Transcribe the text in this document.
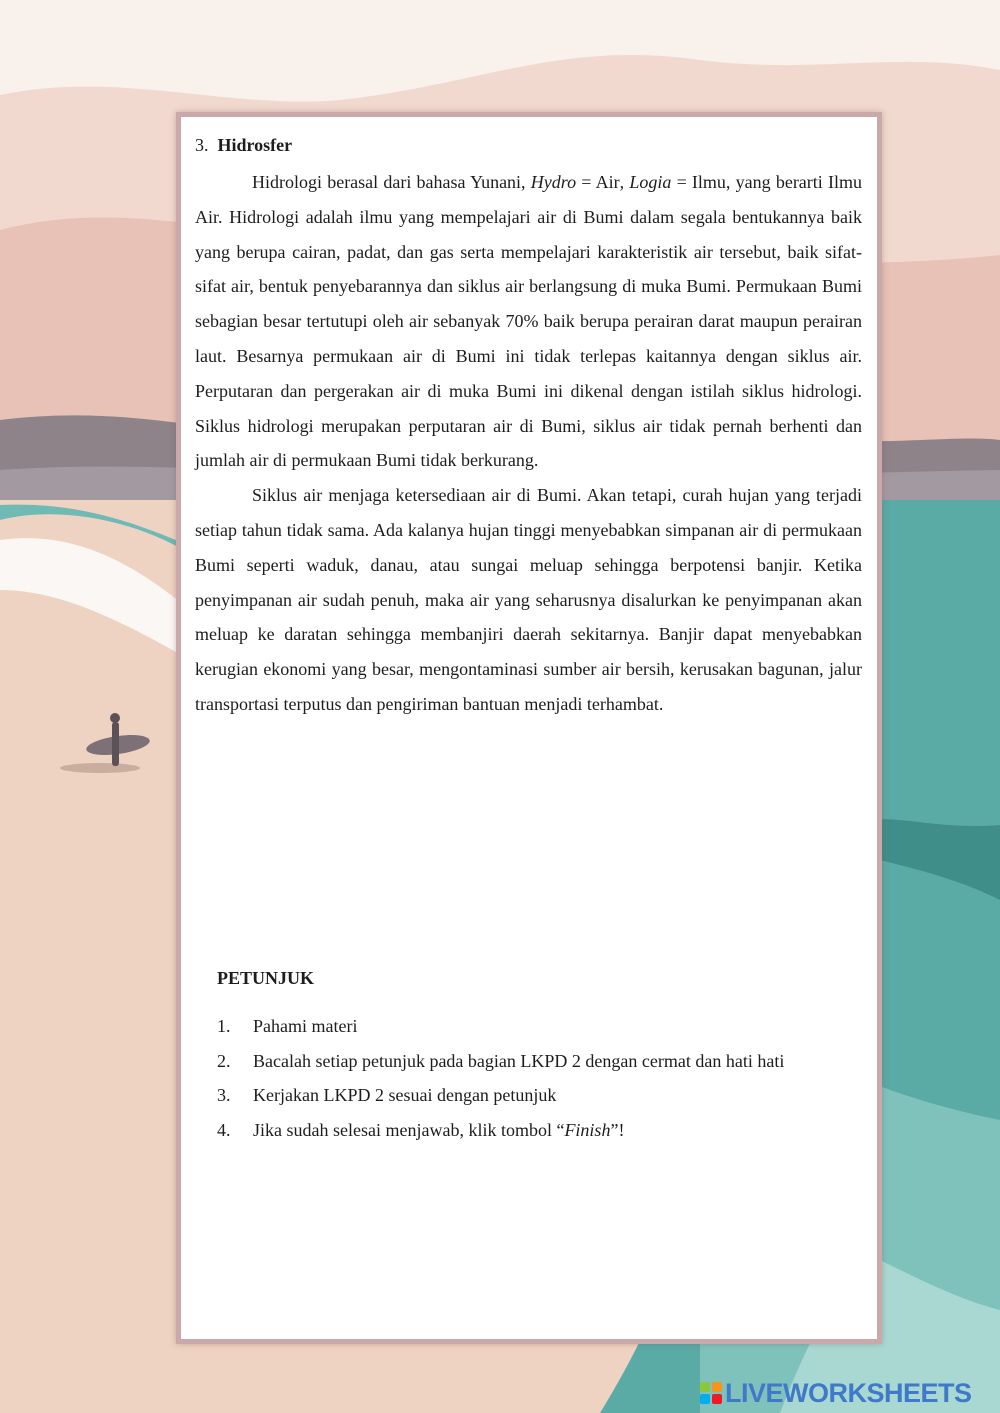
3. Hidrosfer

Hidrologi berasal dari bahasa Yunani, Hydro = Air, Logia = Ilmu, yang berarti Ilmu Air. Hidrologi adalah ilmu yang mempelajari air di Bumi dalam segala bentukannya baik yang berupa cairan, padat, dan gas serta mempelajari karakteristik air tersebut, baik sifat-sifat air, bentuk penyebarannya dan siklus air berlangsung di muka Bumi. Permukaan Bumi sebagian besar tertutupi oleh air sebanyak 70% baik berupa perairan darat maupun perairan laut. Besarnya permukaan air di Bumi ini tidak terlepas kaitannya dengan siklus air. Perputaran dan pergerakan air di muka Bumi ini dikenal dengan istilah siklus hidrologi. Siklus hidrologi merupakan perputaran air di Bumi, siklus air tidak pernah berhenti dan jumlah air di permukaan Bumi tidak berkurang.

Siklus air menjaga ketersediaan air di Bumi. Akan tetapi, curah hujan yang terjadi setiap tahun tidak sama. Ada kalanya hujan tinggi menyebabkan simpanan air di permukaan Bumi seperti waduk, danau, atau sungai meluap sehingga berpotensi banjir. Ketika penyimpanan air sudah penuh, maka air yang seharusnya disalurkan ke penyimpanan akan meluap ke daratan sehingga membanjiri daerah sekitarnya. Banjir dapat menyebabkan kerugian ekonomi yang besar, mengontaminasi sumber air bersih, kerusakan bagunan, jalur transportasi terputus dan pengiriman bantuan menjadi terhambat.

PETUNJUK

1. Pahami materi
2. Bacalah setiap petunjuk pada bagian LKPD 2 dengan cermat dan hati hati
3. Kerjakan LKPD 2 sesuai dengan petunjuk
4. Jika sudah selesai menjawab, klik tombol “Finish”!
LIVEWORKSHEETS
